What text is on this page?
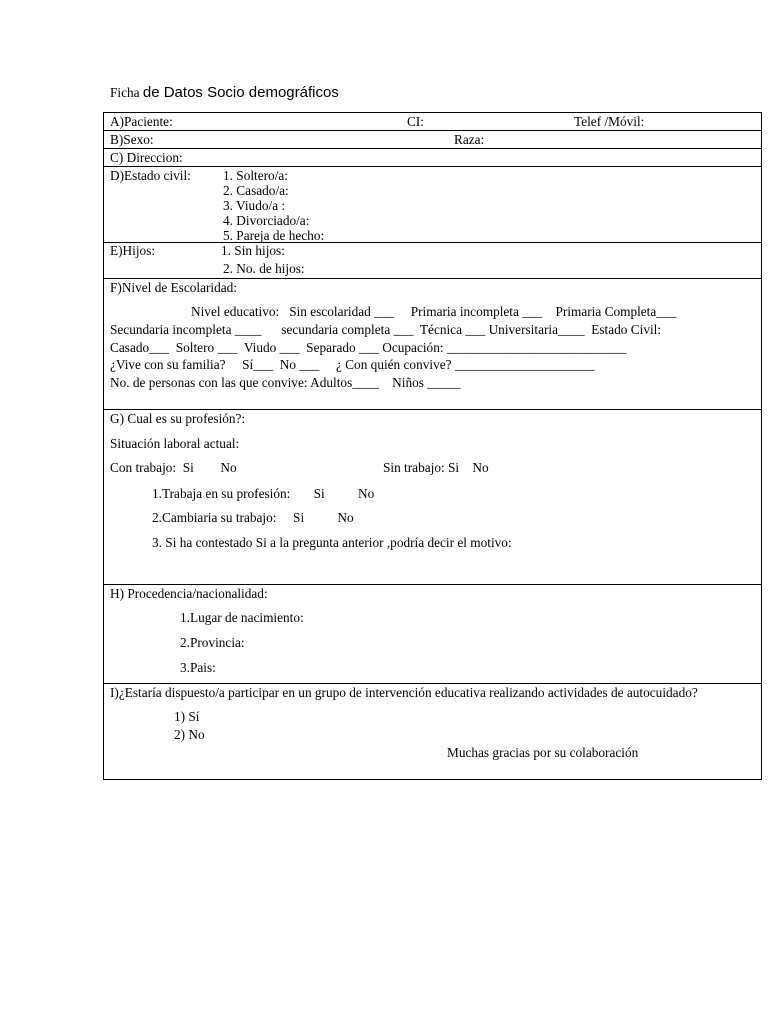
Ficha de Datos Socio demográficos
A)Paciente:	CI:	Telef /Móvil:

B)Sexo:	Raza:

C) Direccion:

D)Estado civil: 1. Soltero/a:
2. Casado/a:
3. Viudo/a :
4. Divorciado/a:
5. Pareja de hecho:

E)Hijos:	1. Sin hijos:
2. No. de hijos:

F)Nivel de Escolaridad:
Nivel educativo:   Sin escolaridad ___     Primaria incompleta ___    Primaria Completa___
Secundaria incompleta ____      secundaria completa ___  Técnica ___ Universitaria____  Estado Civil:
Casado___  Soltero ___  Viudo ___  Separado ___ Ocupación: ___________________________
¿Vive con su familia?     Sí___  No ___     ¿ Con quién convive? _____________________
No. de personas con las que convive: Adultos____    Niños _____

G) Cual es su profesión?:
Situación laboral actual:
Con trabajo:  Si        No	Sin trabajo: Si    No
1.Trabaja en su profesión:       Si          No
2.Cambiaria su trabajo:     Si          No
3. Si ha contestado Si a la pregunta anterior ,podría decir el motivo:

H) Procedencia/nacionalidad:
1.Lugar de nacimiento:
2.Provincia:
3.Pais:

I)¿Estaría dispuesto/a participar en un grupo de intervención educativa realizando actividades de autocuidado?
1) Sí
2) No
Muchas gracias por su colaboración
